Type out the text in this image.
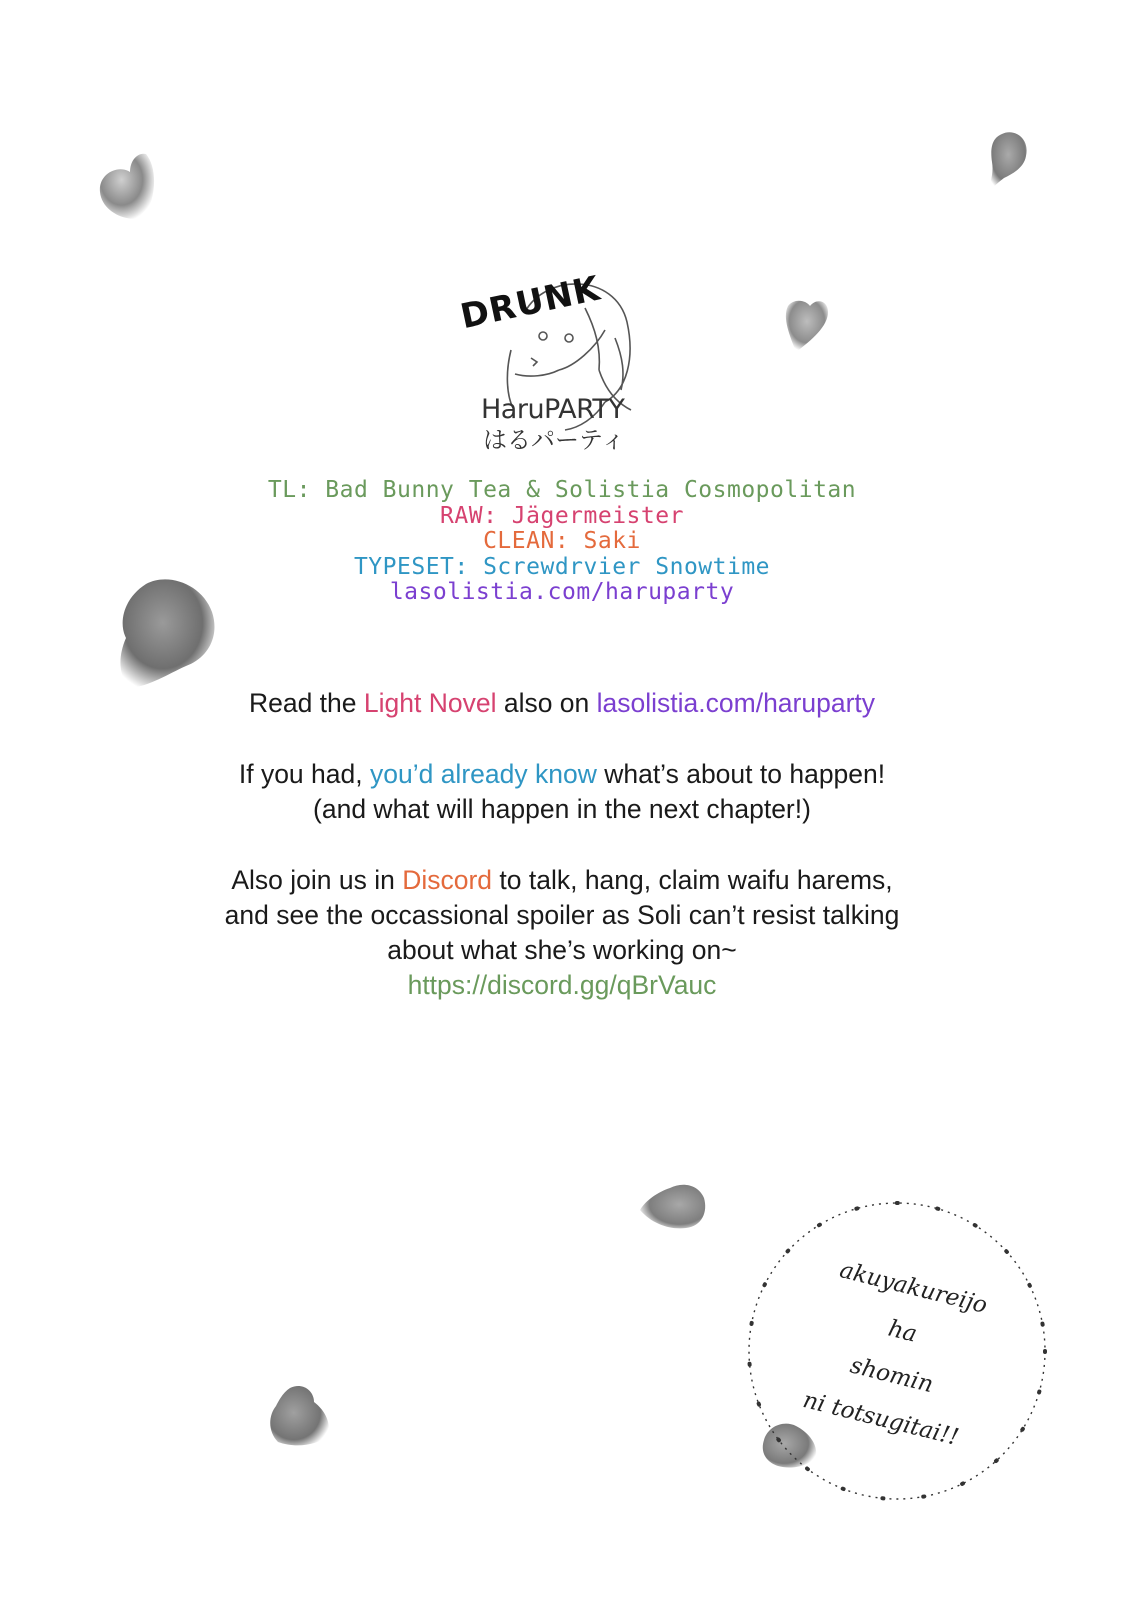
DRUNK
HaruPARTY
はるパーティ
TL: Bad Bunny Tea & Solistia Cosmopolitan
RAW: Jägermeister
CLEAN: Saki
TYPESET: Screwdrvier Snowtime
lasolistia.com/haruparty
Read the Light Novel also on lasolistia.com/haruparty
If you had, you’d already know what’s about to happen!
(and what will happen in the next chapter!)
Also join us in Discord to talk, hang, claim waifu harems,
and see the occassional spoiler as Soli can’t resist talking
about what she’s working on~
https://discord.gg/qBrVauc
akuyakureijo
ha
shomin
ni totsugitai!!
